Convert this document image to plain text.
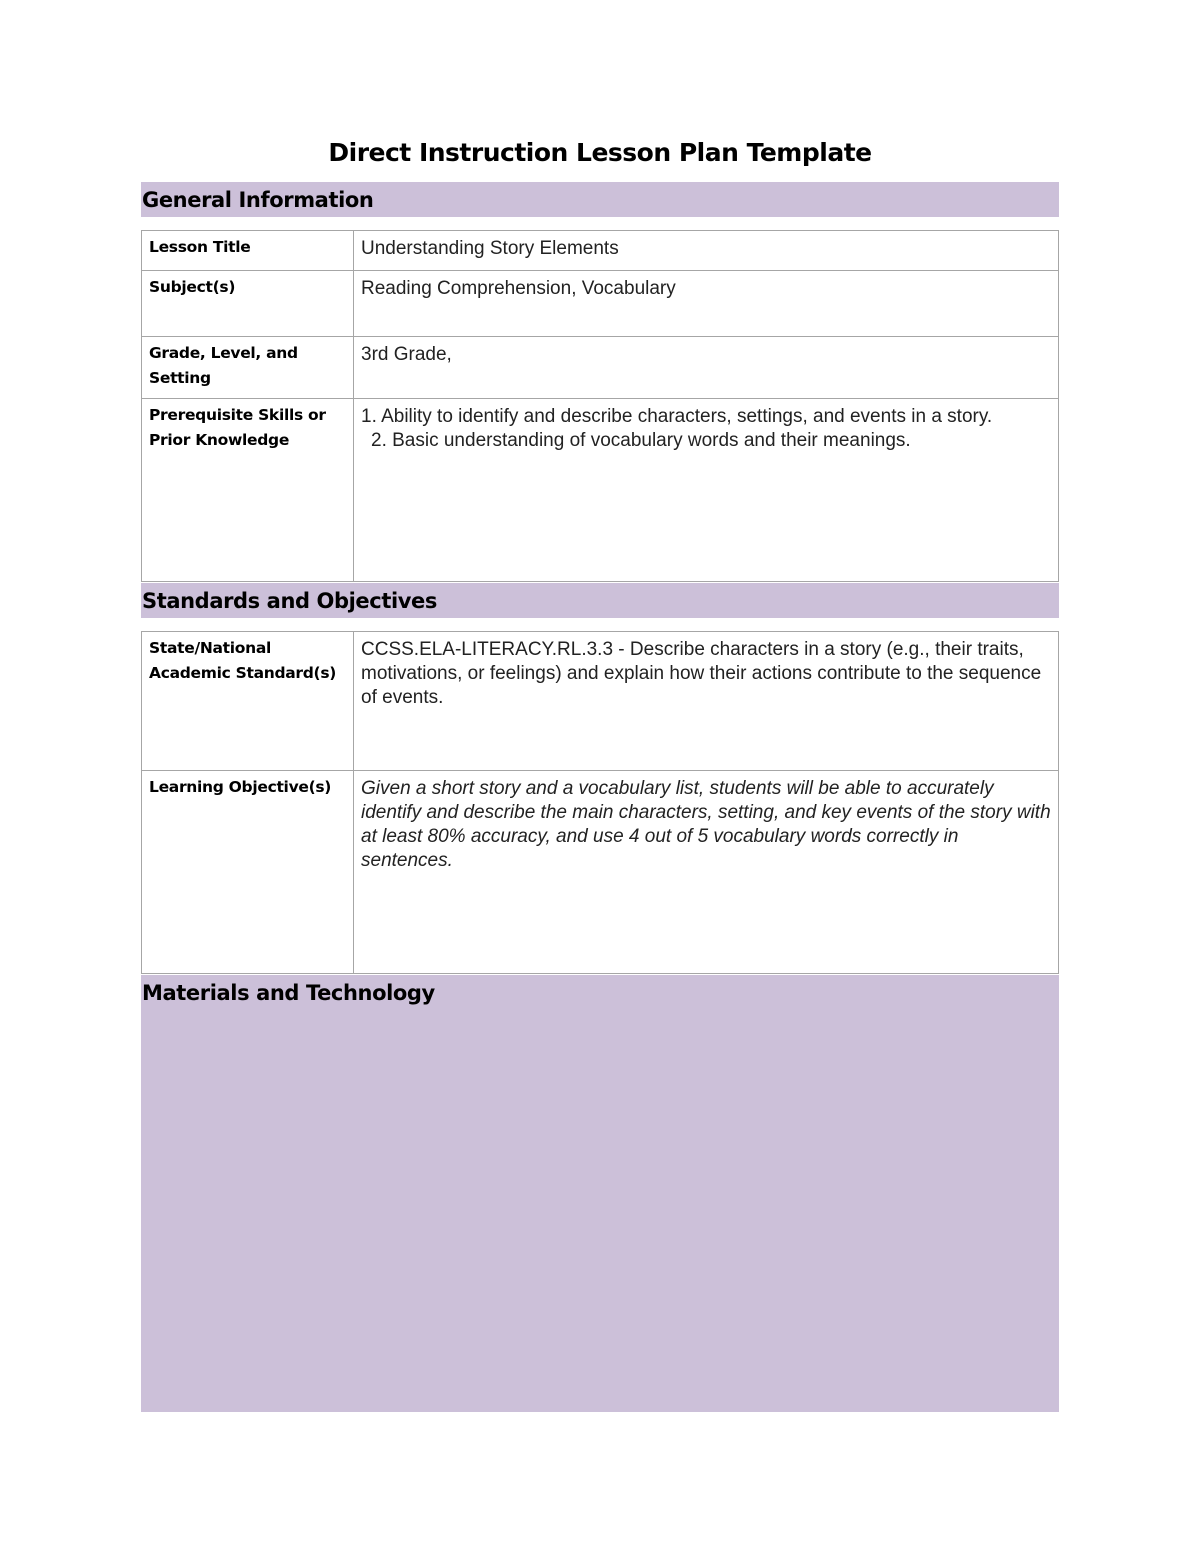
Direct Instruction Lesson Plan Template
General Information
Lesson Title	Understanding Story Elements
Subject(s)	Reading Comprehension, Vocabulary
Grade, Level, and Setting	3rd Grade,
Prerequisite Skills or Prior Knowledge	1. Ability to identify and describe characters, settings, and events in a story.
2. Basic understanding of vocabulary words and their meanings.
Standards and Objectives
State/National Academic Standard(s)	CCSS.ELA-LITERACY.RL.3.3 - Describe characters in a story (e.g., their traits, motivations, or feelings) and explain how their actions contribute to the sequence of events.
Learning Objective(s)	Given a short story and a vocabulary list, students will be able to accurately identify and describe the main characters, setting, and key events of the story with at least 80% accuracy, and use 4 out of 5 vocabulary words correctly in sentences.
Materials and Technology
